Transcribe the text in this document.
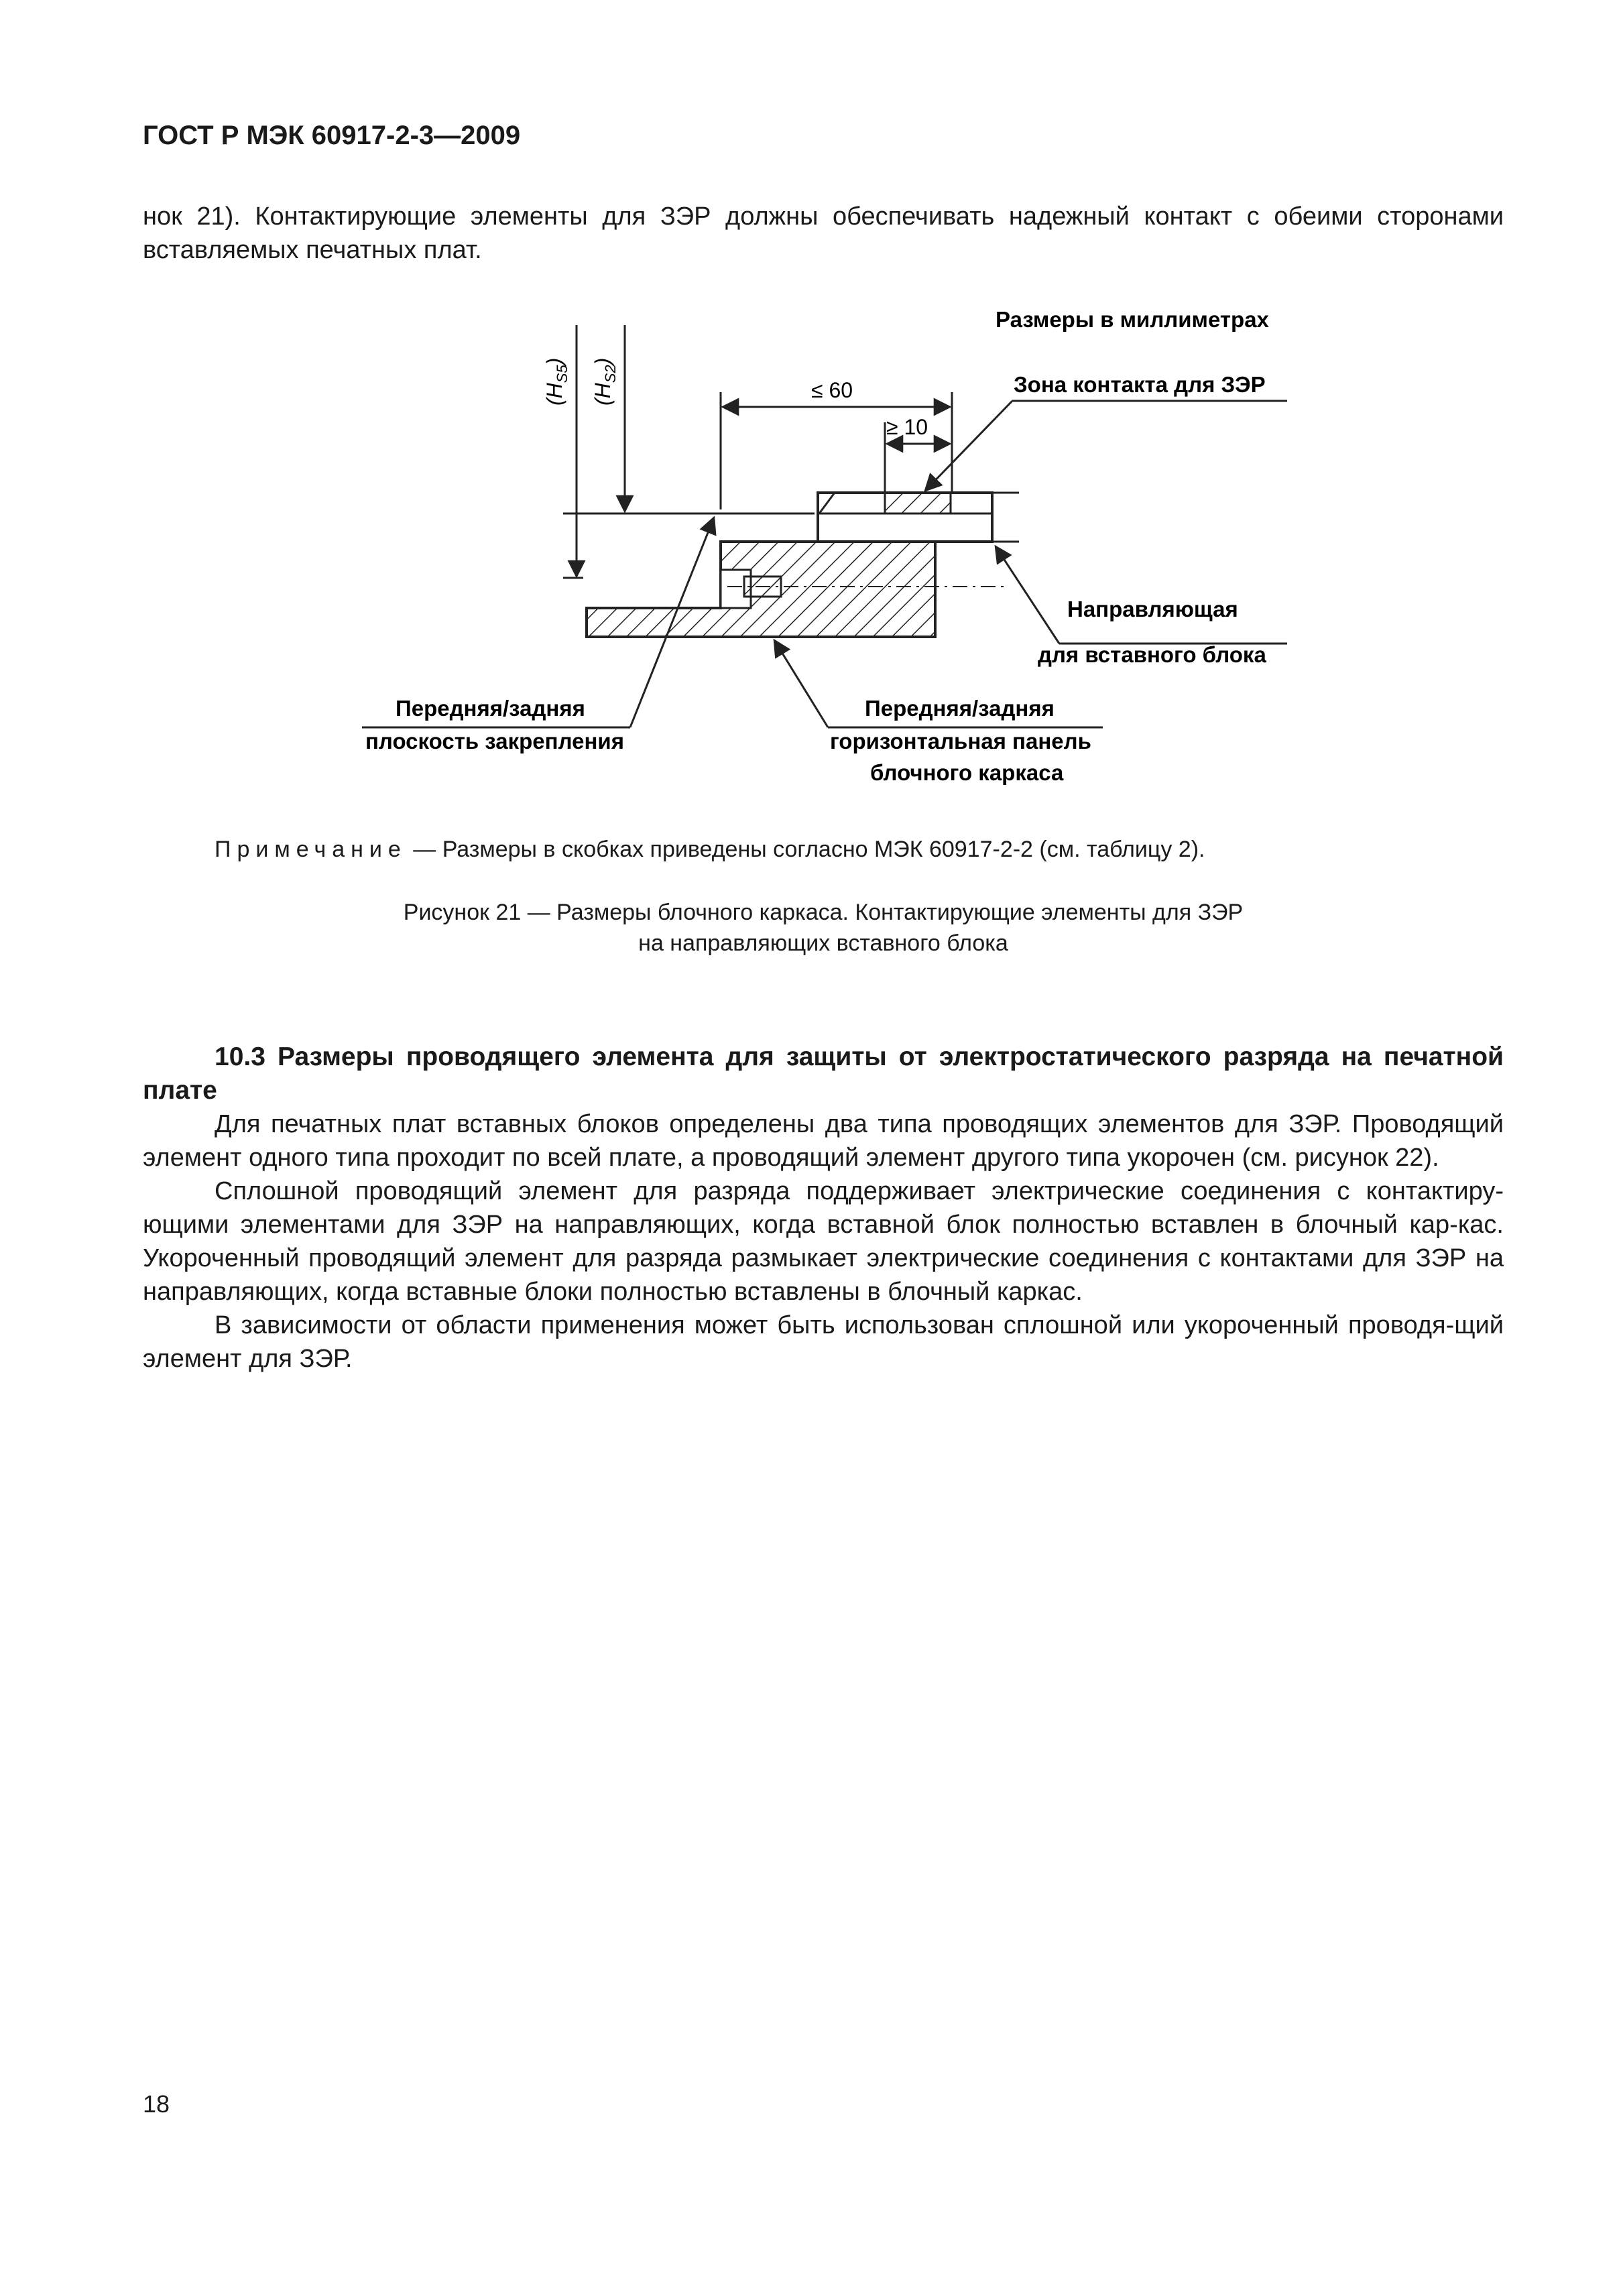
ГОСТ Р МЭК 60917-2-3—2009
нок 21). Контактирующие элементы для ЗЭР должны обеспечивать надежный контакт с обеими сторонами вставляемых печатных плат.
Размеры в миллиметрах
$(H_{S5})$
$(H_{S2})$
≤ 60
≥ 10
Зона контакта для ЗЭР
Направляющая
для вставного блока
Передняя/задняя
плоскость закрепления
Передняя/задняя
горизонтальная панель
блочного каркаса
Примечание — Размеры в скобках приведены согласно МЭК 60917-2-2 (см. таблицу 2).
Рисунок 21 — Размеры блочного каркаса. Контактирующие элементы для ЗЭР
на направляющих вставного блока
10.3 Размеры проводящего элемента для защиты от электростатического разряда на печатной плате

Для печатных плат вставных блоков определены два типа проводящих элементов для ЗЭР. Проводящий элемент одного типа проходит по всей плате, а проводящий элемент другого типа укорочен (см. рисунок 22).

Сплошной проводящий элемент для разряда поддерживает электрические соединения с контактиру-ющими элементами для ЗЭР на направляющих, когда вставной блок полностью вставлен в блочный кар-кас. Укороченный проводящий элемент для разряда размыкает электрические соединения с контактами для ЗЭР на направляющих, когда вставные блоки полностью вставлены в блочный каркас.

В зависимости от области применения может быть использован сплошной или укороченный проводя-щий элемент для ЗЭР.

18
